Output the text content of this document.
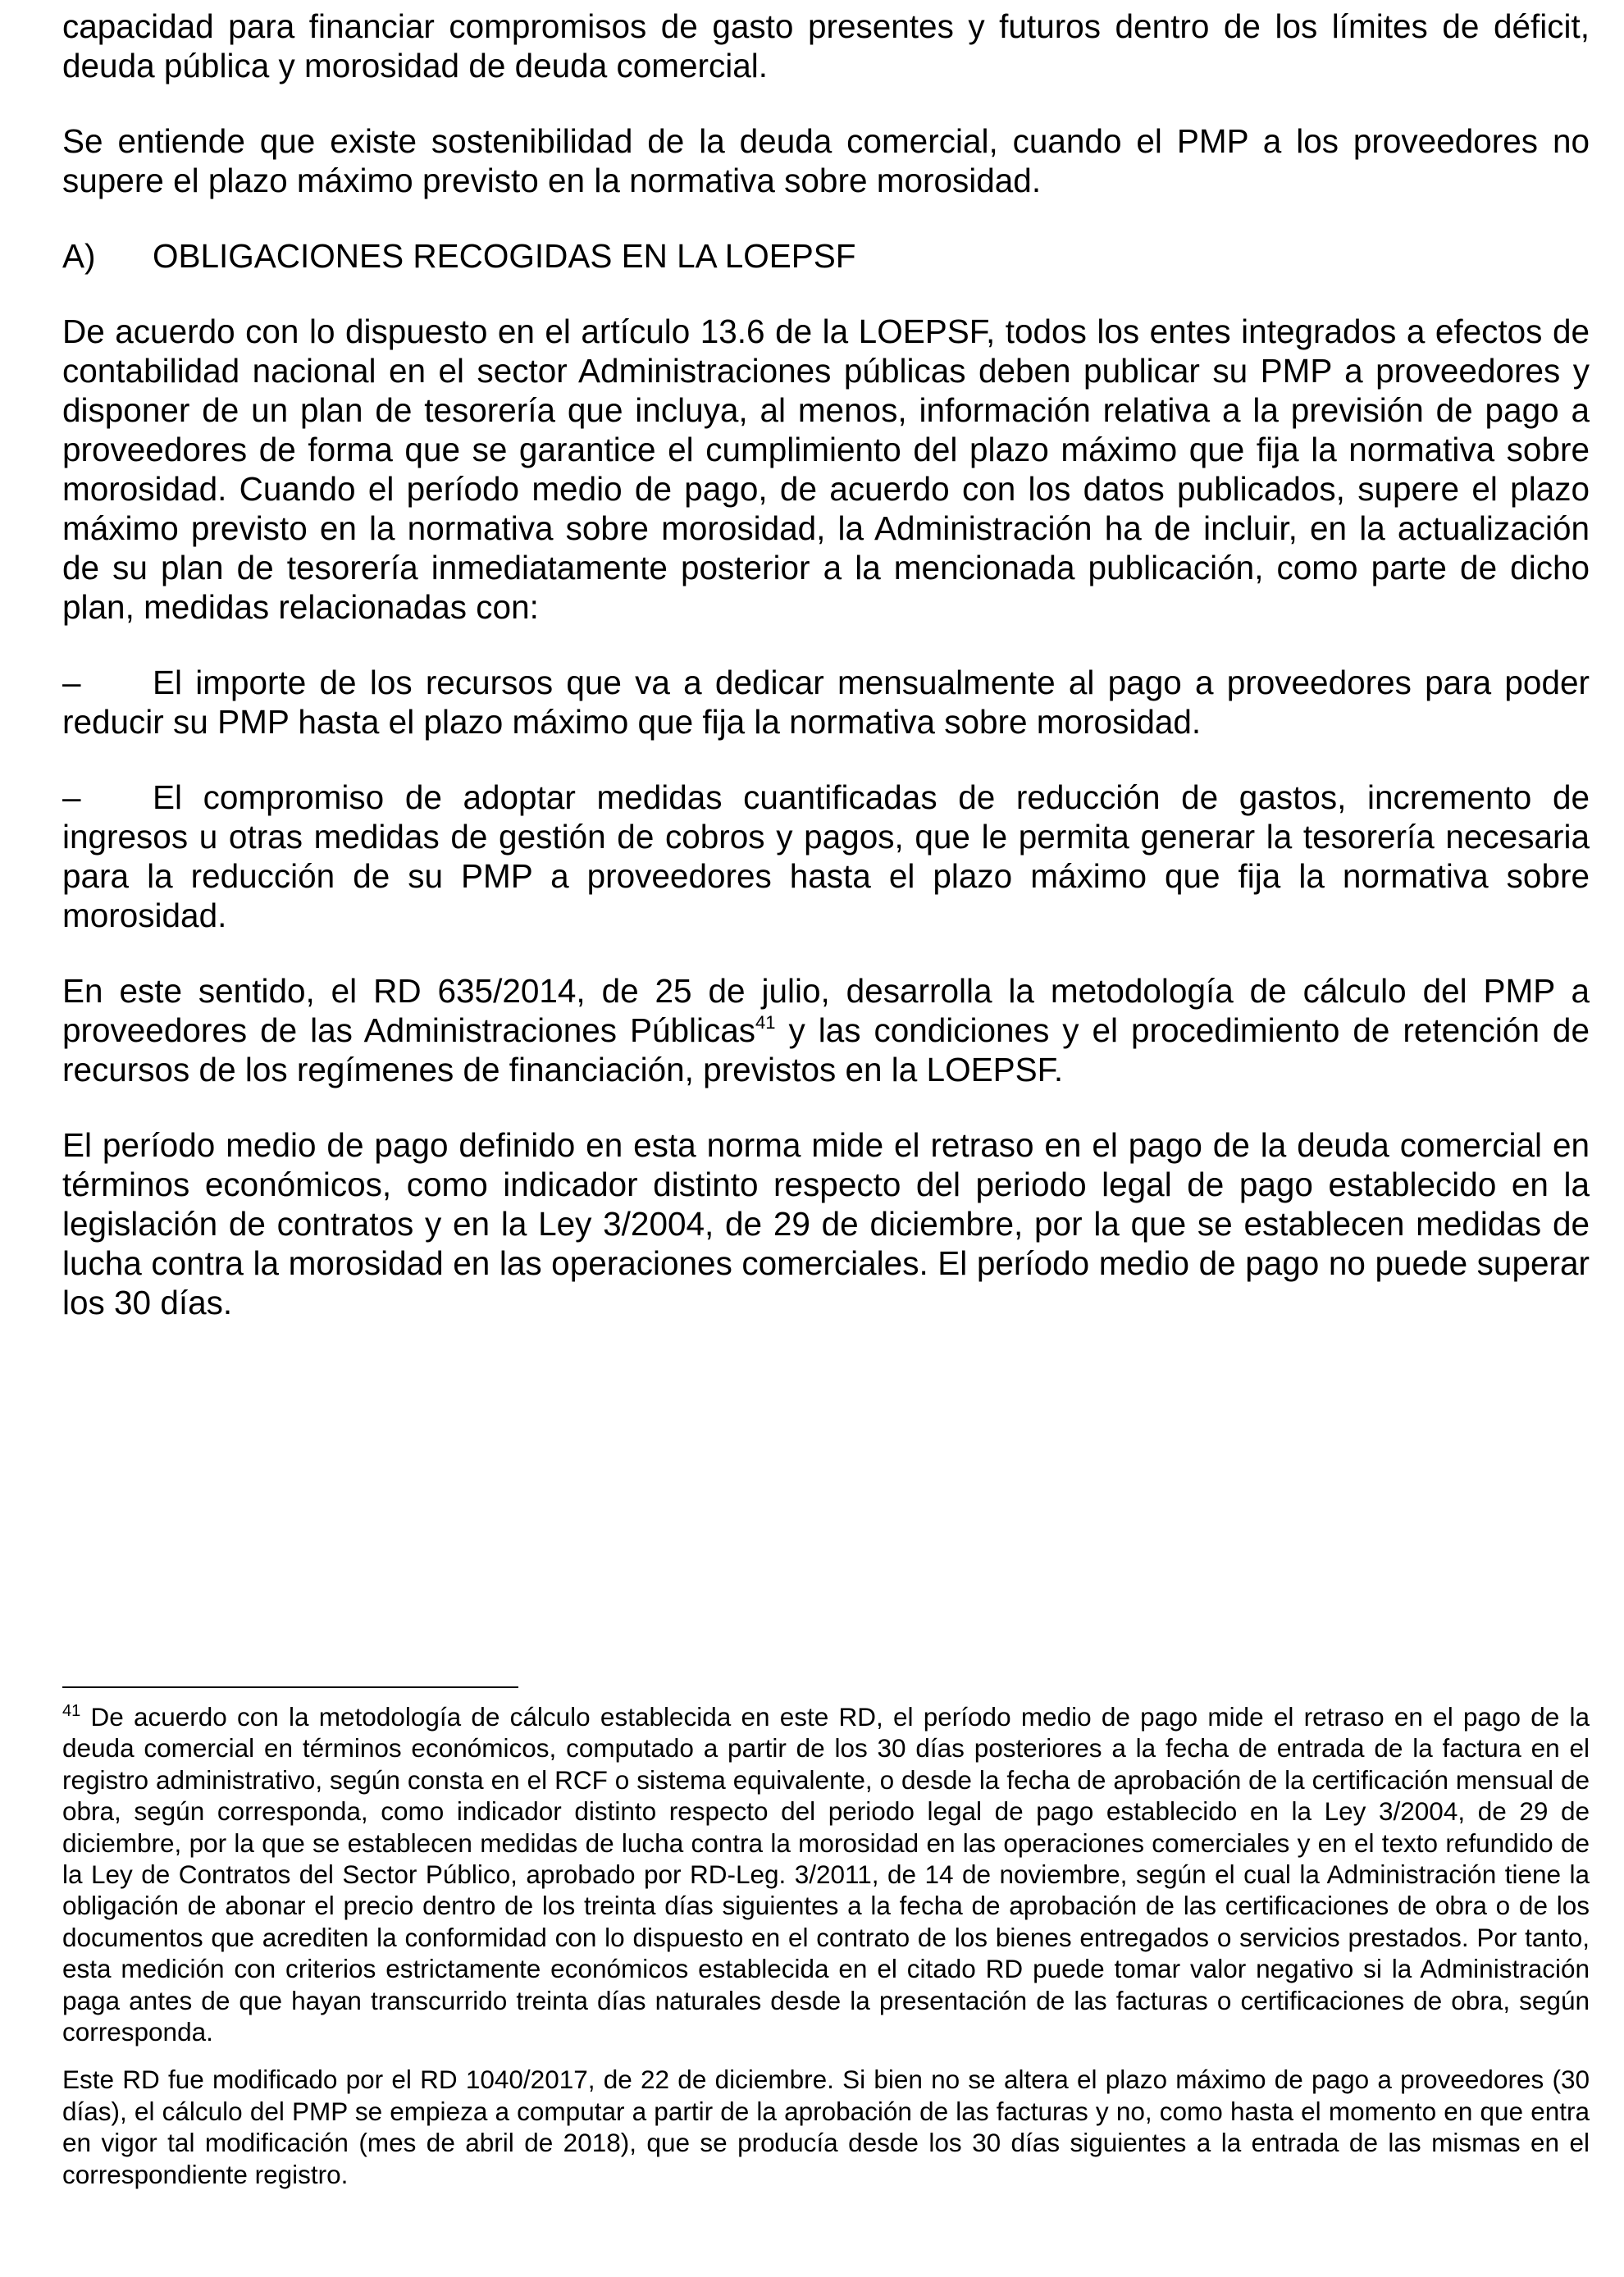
capacidad para financiar compromisos de gasto presentes y futuros dentro de los límites de déficit, deuda pública y morosidad de deuda comercial.

Se entiende que existe sostenibilidad de la deuda comercial, cuando el PMP a los proveedores no supere el plazo máximo previsto en la normativa sobre morosidad.

A)	OBLIGACIONES RECOGIDAS EN LA LOEPSF

De acuerdo con lo dispuesto en el artículo 13.6 de la LOEPSF, todos los entes integrados a efectos de contabilidad nacional en el sector Administraciones públicas deben publicar su PMP a proveedores y disponer de un plan de tesorería que incluya, al menos, información relativa a la previsión de pago a proveedores de forma que se garantice el cumplimiento del plazo máximo que fija la normativa sobre morosidad. Cuando el período medio de pago, de acuerdo con los datos publicados, supere el plazo máximo previsto en la normativa sobre morosidad, la Administración ha de incluir, en la actualización de su plan de tesorería inmediatamente posterior a la mencionada publicación, como parte de dicho plan, medidas relacionadas con:

– El importe de los recursos que va a dedicar mensualmente al pago a proveedores para poder reducir su PMP hasta el plazo máximo que fija la normativa sobre morosidad.
– El compromiso de adoptar medidas cuantificadas de reducción de gastos, incremento de ingresos u otras medidas de gestión de cobros y pagos, que le permita generar la tesorería necesaria para la reducción de su PMP a proveedores hasta el plazo máximo que fija la normativa sobre morosidad.

En este sentido, el RD 635/2014, de 25 de julio, desarrolla la metodología de cálculo del PMP a proveedores de las Administraciones Públicas$^{41}$ y las condiciones y el procedimiento de retención de recursos de los regímenes de financiación, previstos en la LOEPSF.

El período medio de pago definido en esta norma mide el retraso en el pago de la deuda comercial en términos económicos, como indicador distinto respecto del periodo legal de pago establecido en la legislación de contratos y en la Ley 3/2004, de 29 de diciembre, por la que se establecen medidas de lucha contra la morosidad en las operaciones comerciales. El período medio de pago no puede superar los 30 días.

$^{41}$ De acuerdo con la metodología de cálculo establecida en este RD, el período medio de pago mide el retraso en el pago de la deuda comercial en términos económicos, computado a partir de los 30 días posteriores a la fecha de entrada de la factura en el registro administrativo, según consta en el RCF o sistema equivalente, o desde la fecha de aprobación de la certificación mensual de obra, según corresponda, como indicador distinto respecto del periodo legal de pago establecido en la Ley 3/2004, de 29 de diciembre, por la que se establecen medidas de lucha contra la morosidad en las operaciones comerciales y en el texto refundido de la Ley de Contratos del Sector Público, aprobado por RD-Leg. 3/2011, de 14 de noviembre, según el cual la Administración tiene la obligación de abonar el precio dentro de los treinta días siguientes a la fecha de aprobación de las certificaciones de obra o de los documentos que acrediten la conformidad con lo dispuesto en el contrato de los bienes entregados o servicios prestados. Por tanto, esta medición con criterios estrictamente económicos establecida en el citado RD puede tomar valor negativo si la Administración paga antes de que hayan transcurrido treinta días naturales desde la presentación de las facturas o certificaciones de obra, según corresponda.

Este RD fue modificado por el RD 1040/2017, de 22 de diciembre. Si bien no se altera el plazo máximo de pago a proveedores (30 días), el cálculo del PMP se empieza a computar a partir de la aprobación de las facturas y no, como hasta el momento en que entra en vigor tal modificación (mes de abril de 2018), que se producía desde los 30 días siguientes a la entrada de las mismas en el correspondiente registro.
